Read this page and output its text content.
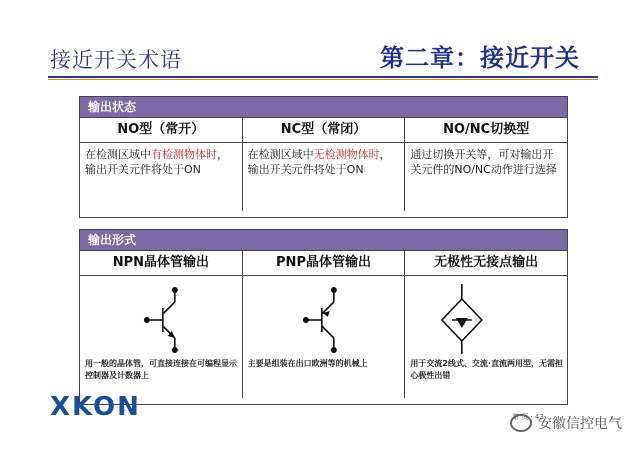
接近开关术语	第二章：接近开关
输出状态
NO型（常开）
在检测区域中有检测物体时，输出开关元件将处于ON
NC型（常闭）
在检测区域中无检测物体时，输出开关元件将处于ON
NO/NC切换型
通过切换开关等，可对输出开关元件的NO/NC动作进行选择
输出形式
NPN晶体管输出
用一般的晶体管，可直接连接在可编程显示控制器及计数器上
PNP晶体管输出
主要是组装在出口欧洲等的机械上
无极性无接点输出
用于交流2线式、交流·直流两用型，无需担心极性出错
XKON	第 页 · 43
安徽信控电气
